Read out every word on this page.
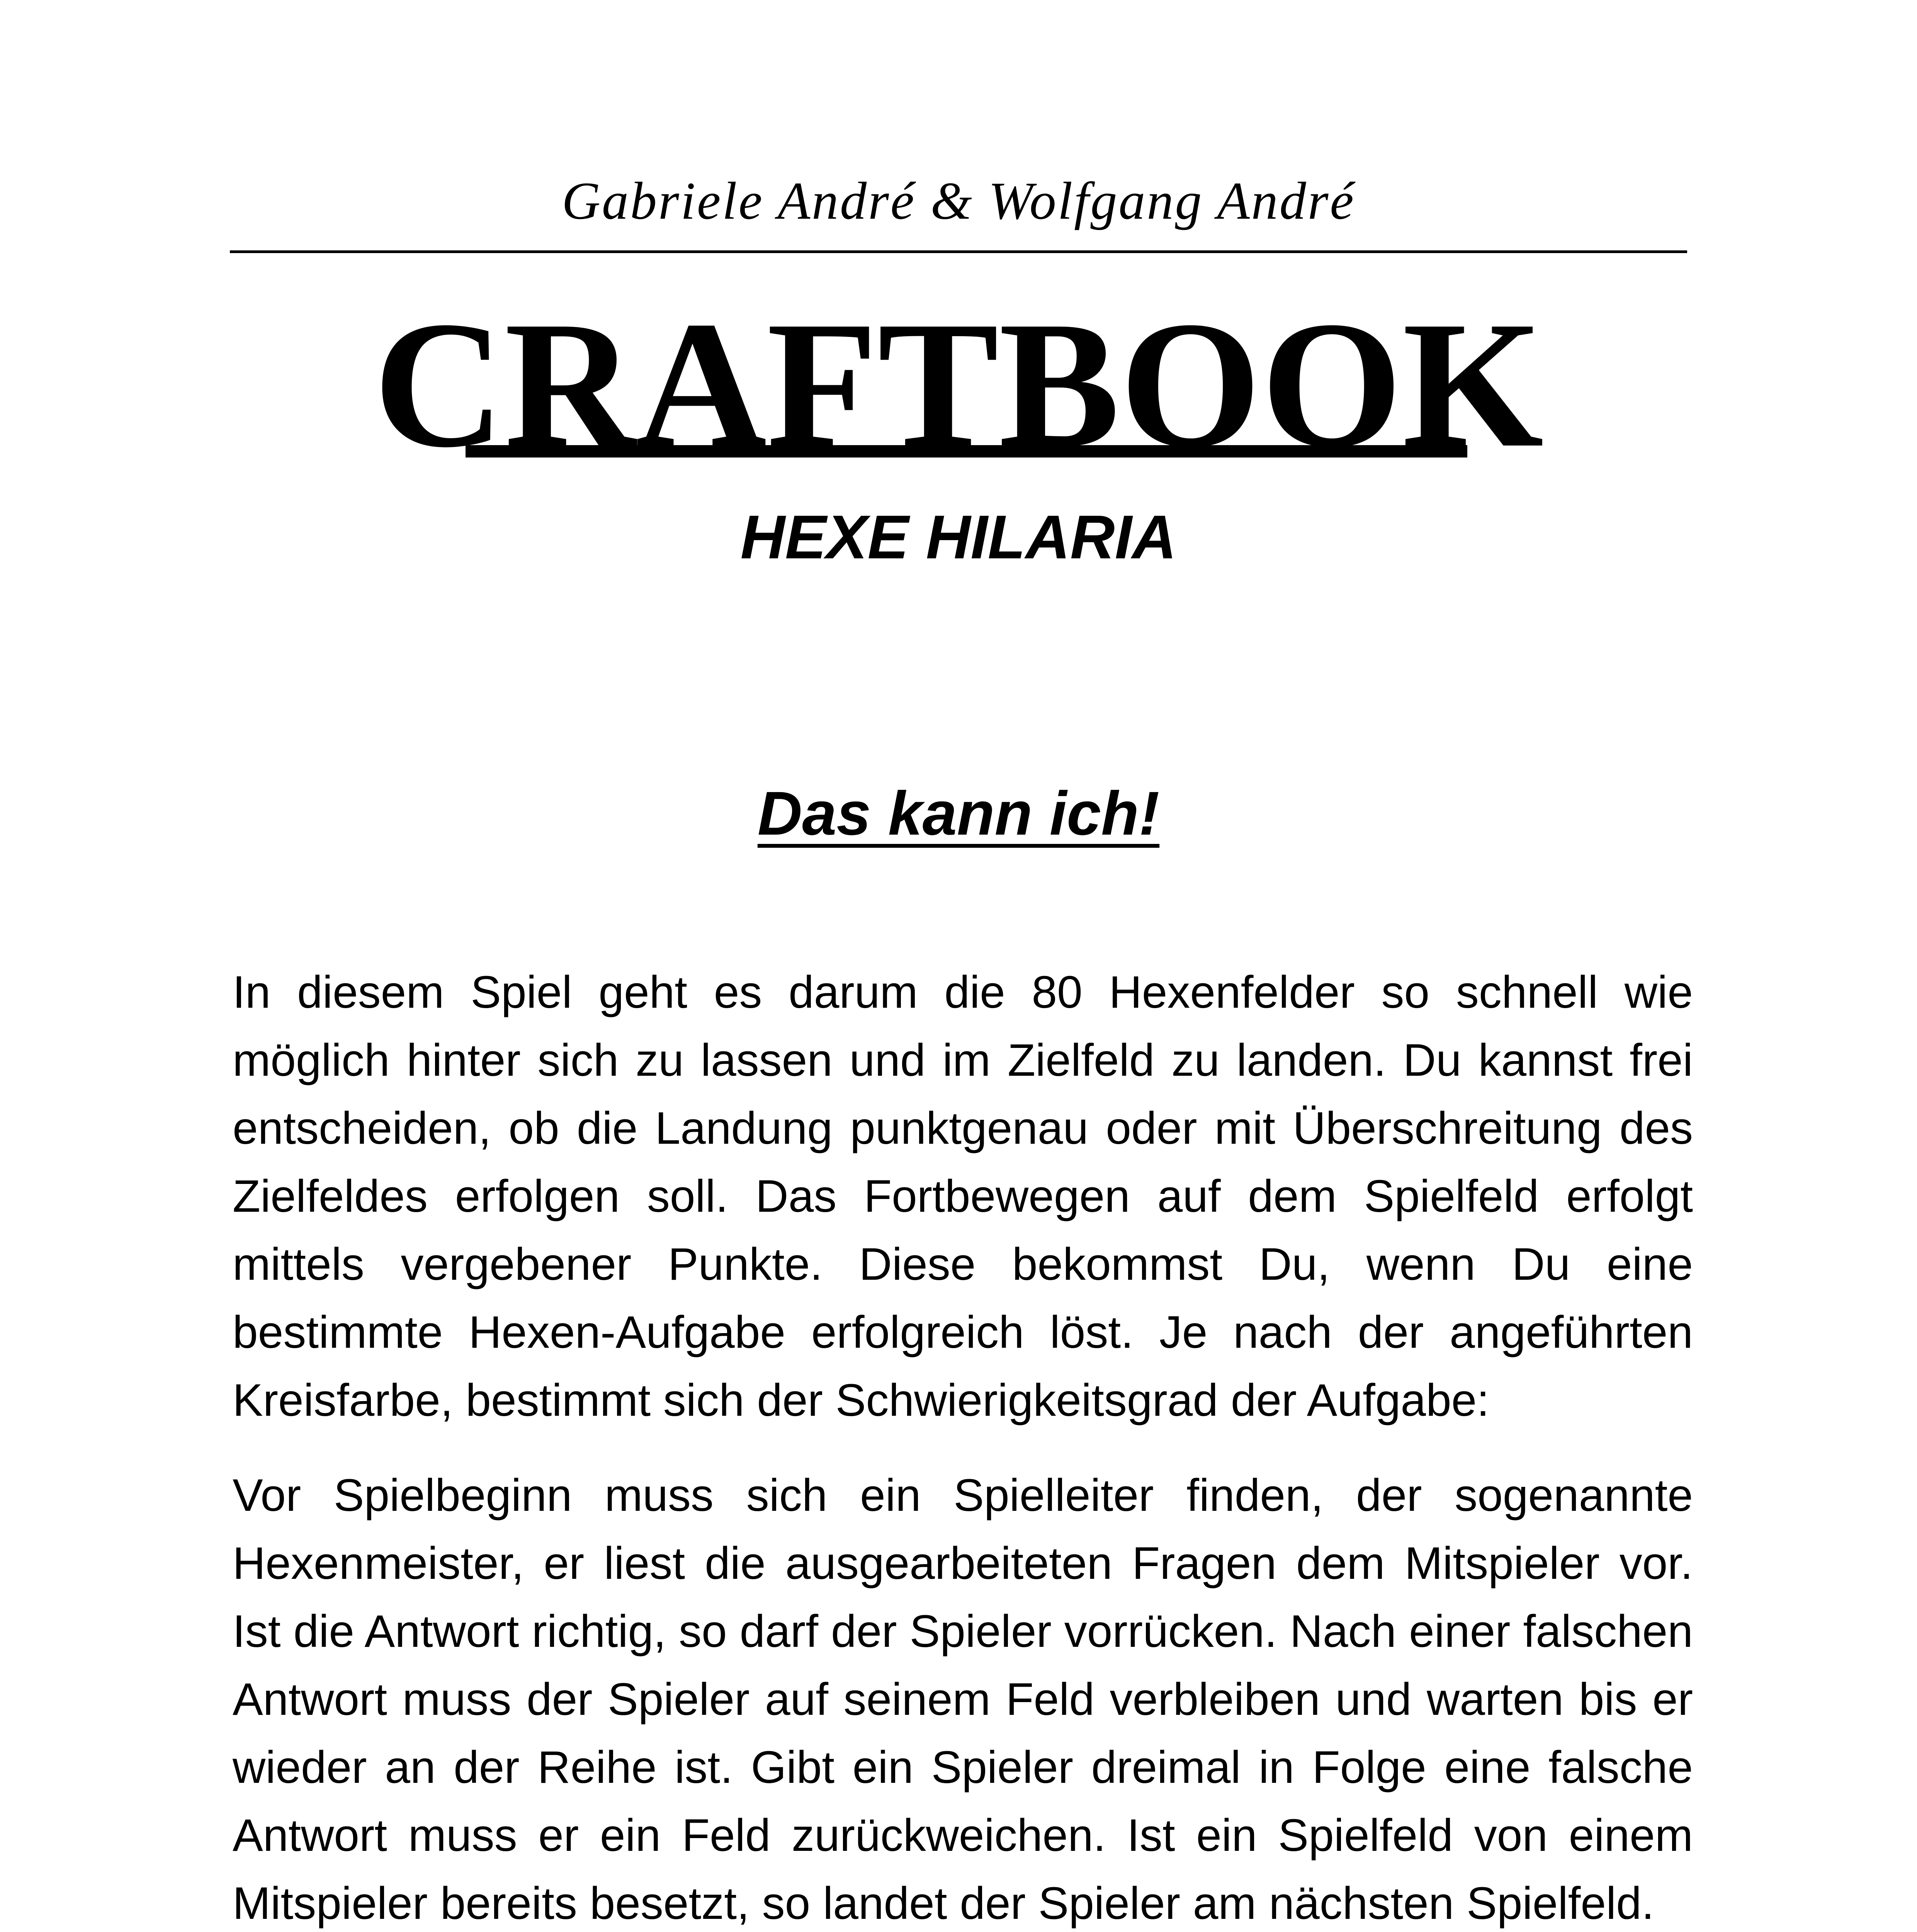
Gabriele André & Wolfgang André
CRAFTBOOK
HEXE HILARIA
Das kann ich!

In diesem Spiel geht es darum die 80 Hexenfelder so schnell wie möglich hinter sich zu lassen und im Zielfeld zu landen. Du kannst frei entscheiden, ob die Landung punktgenau oder mit Überschreitung des Zielfeldes erfolgen soll. Das Fortbewegen auf dem Spielfeld erfolgt mittels vergebener Punkte. Diese bekommst Du, wenn Du eine bestimmte Hexen-Aufgabe erfolgreich löst. Je nach der angeführten Kreisfarbe, bestimmt sich der Schwierigkeitsgrad der Aufgabe:

Vor Spielbeginn muss sich ein Spielleiter finden, der sogenannte Hexenmeister, er liest die ausgearbeiteten Fragen dem Mitspieler vor. Ist die Antwort richtig, so darf der Spieler vorrücken. Nach einer falschen Antwort muss der Spieler auf seinem Feld verbleiben und warten bis er wieder an der Reihe ist. Gibt ein Spieler dreimal in Folge eine falsche Antwort muss er ein Feld zurückweichen. Ist ein Spielfeld von einem Mitspieler bereits besetzt, so landet der Spieler am nächsten Spielfeld.
